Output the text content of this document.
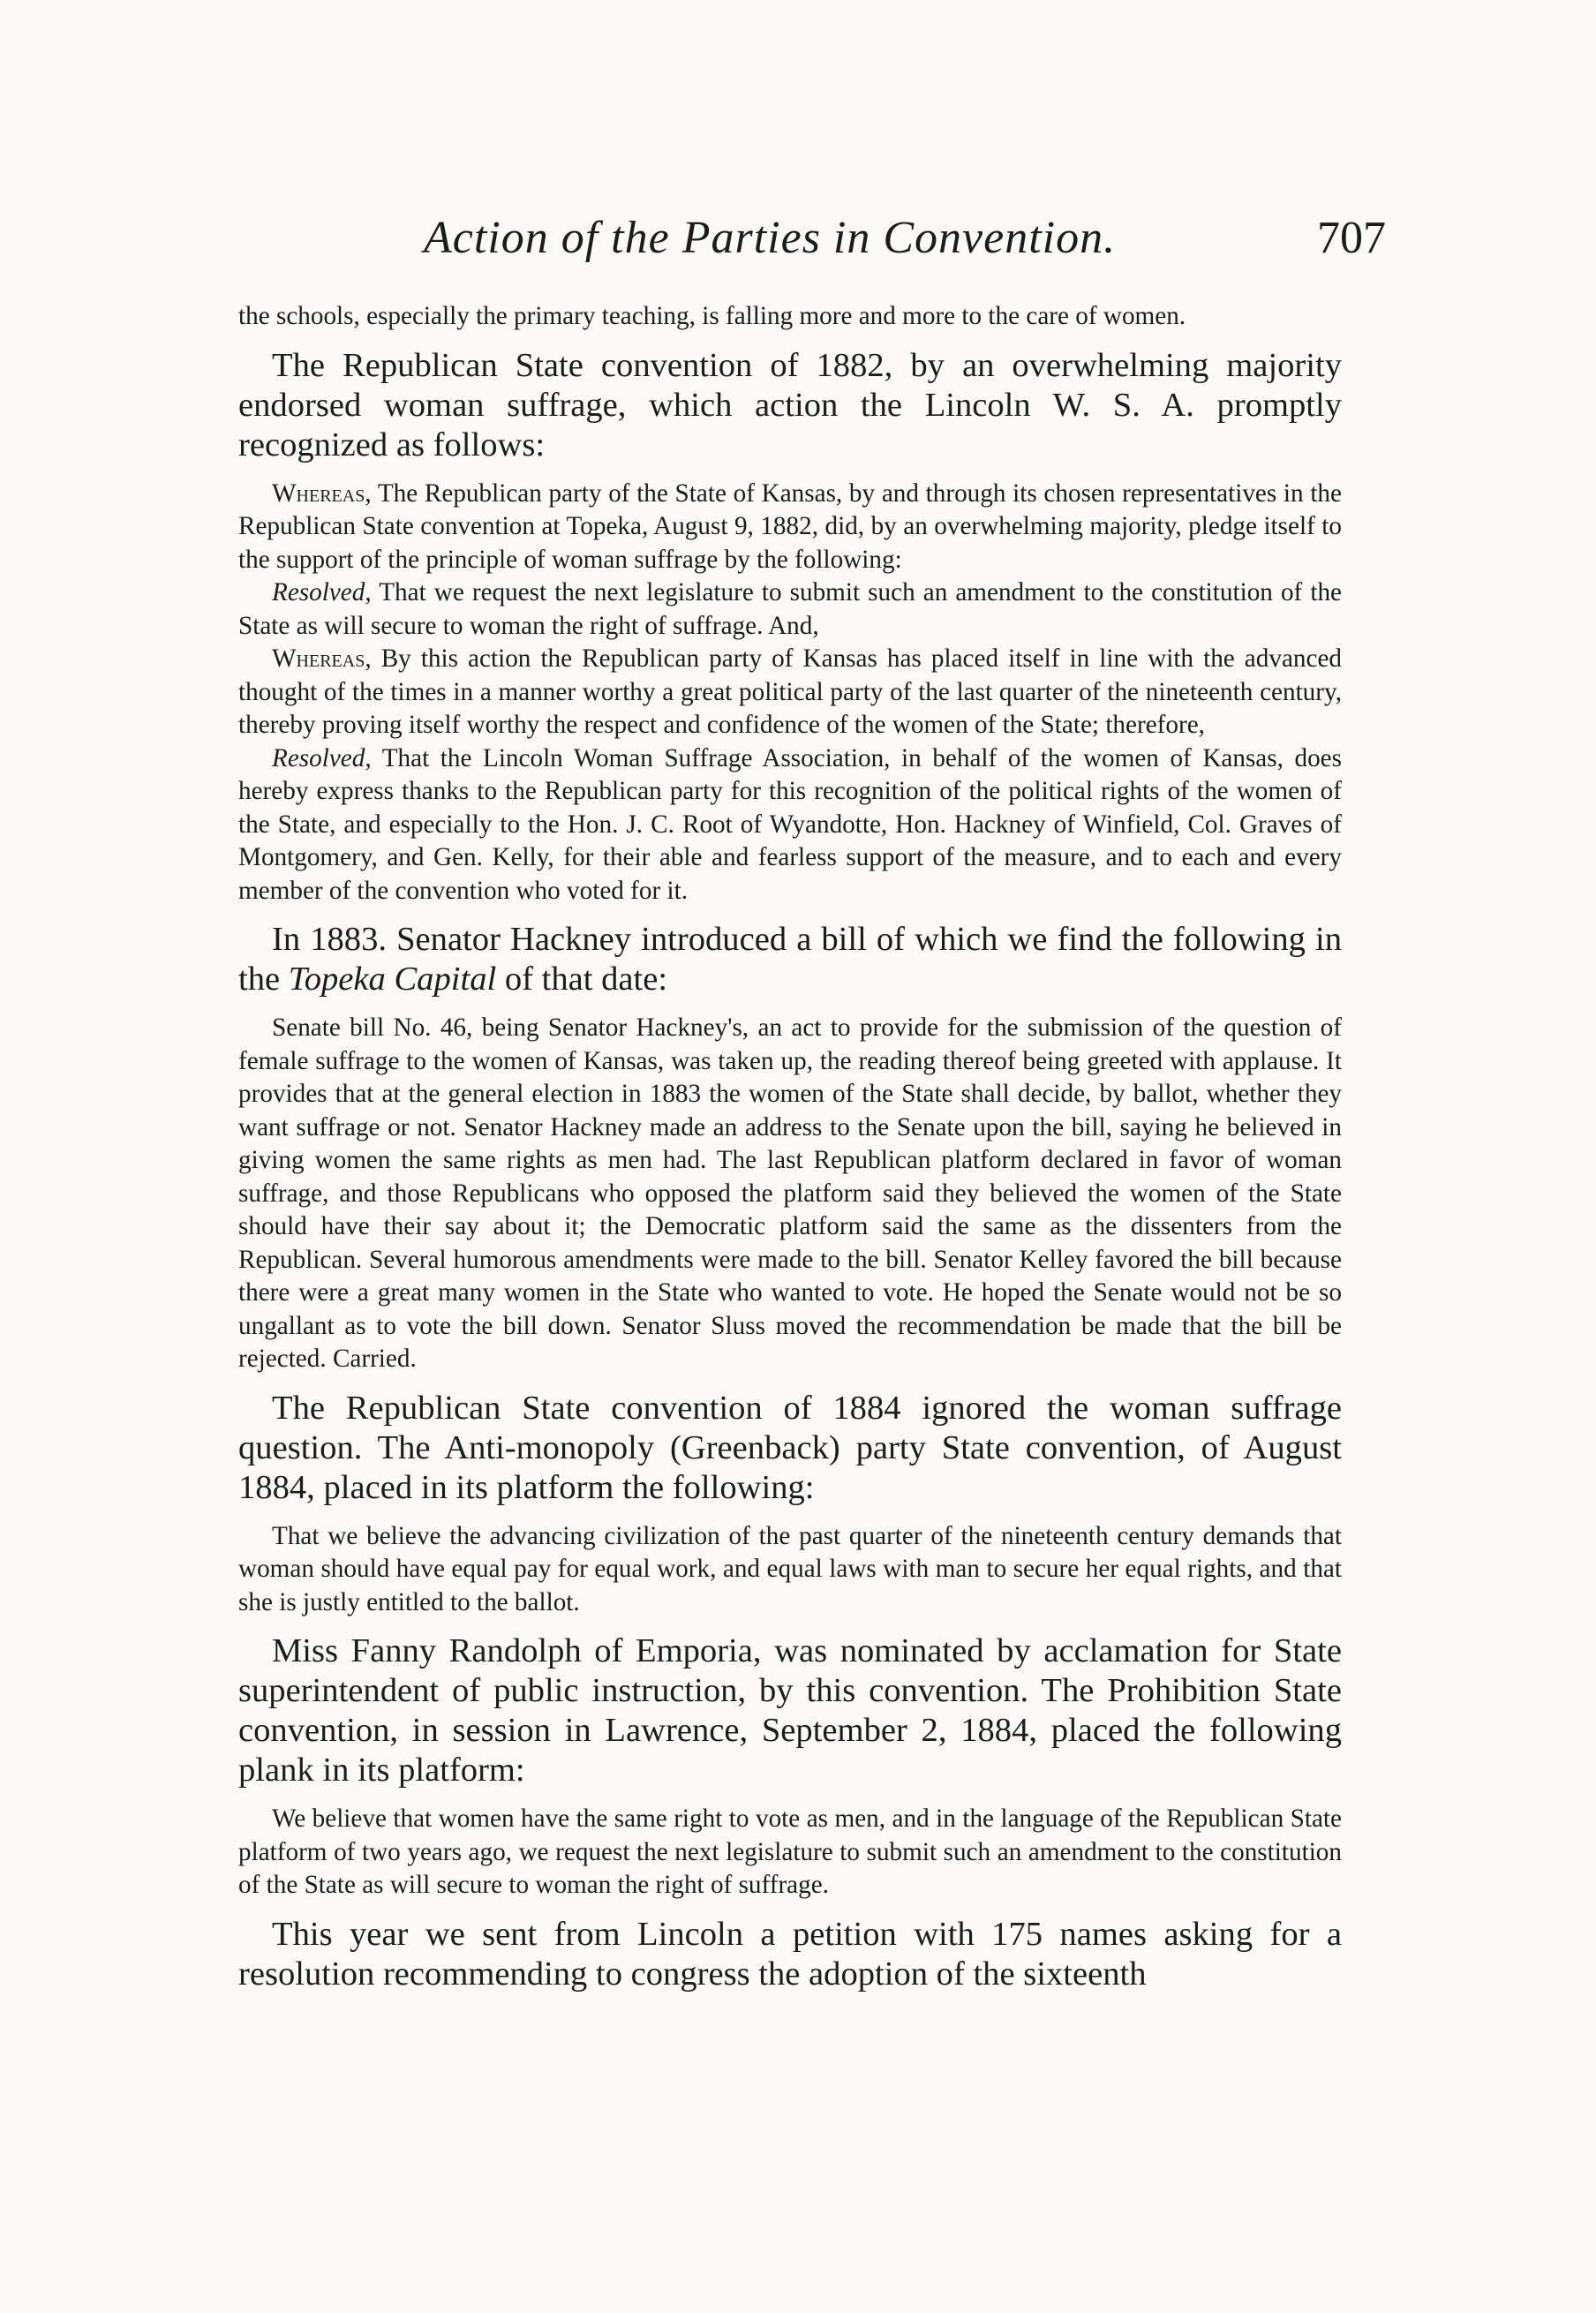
Action of the Parties in Convention.	707

the schools, especially the primary teaching, is falling more and more to the care of women.

The Republican State convention of 1882, by an overwhelming majority endorsed woman suffrage, which action the Lincoln W. S. A. promptly recognized as follows:

Whereas, The Republican party of the State of Kansas, by and through its chosen representatives in the Republican State convention at Topeka, August 9, 1882, did, by an overwhelming majority, pledge itself to the support of the principle of woman suffrage by the following:

Resolved, That we request the next legislature to submit such an amendment to the constitution of the State as will secure to woman the right of suffrage. And,

Whereas, By this action the Republican party of Kansas has placed itself in line with the advanced thought of the times in a manner worthy a great political party of the last quarter of the nineteenth century, thereby proving itself worthy the respect and confidence of the women of the State; therefore,

Resolved, That the Lincoln Woman Suffrage Association, in behalf of the women of Kansas, does hereby express thanks to the Republican party for this recognition of the political rights of the women of the State, and especially to the Hon. J. C. Root of Wyandotte, Hon. Hackney of Winfield, Col. Graves of Montgomery, and Gen. Kelly, for their able and fearless support of the measure, and to each and every member of the convention who voted for it.

In 1883. Senator Hackney introduced a bill of which we find the following in the Topeka Capital of that date:

Senate bill No. 46, being Senator Hackney's, an act to provide for the submission of the question of female suffrage to the women of Kansas, was taken up, the reading thereof being greeted with applause. It provides that at the general election in 1883 the women of the State shall decide, by ballot, whether they want suffrage or not. Senator Hackney made an address to the Senate upon the bill, saying he believed in giving women the same rights as men had. The last Republican platform declared in favor of woman suffrage, and those Republicans who opposed the platform said they believed the women of the State should have their say about it; the Democratic platform said the same as the dissenters from the Republican. Several humorous amendments were made to the bill. Senator Kelley favored the bill because there were a great many women in the State who wanted to vote. He hoped the Senate would not be so ungallant as to vote the bill down. Senator Sluss moved the recommendation be made that the bill be rejected. Carried.

The Republican State convention of 1884 ignored the woman suffrage question. The Anti-monopoly (Greenback) party State convention, of August 1884, placed in its platform the following:

That we believe the advancing civilization of the past quarter of the nineteenth century demands that woman should have equal pay for equal work, and equal laws with man to secure her equal rights, and that she is justly entitled to the ballot.

Miss Fanny Randolph of Emporia, was nominated by acclamation for State superintendent of public instruction, by this convention. The Prohibition State convention, in session in Lawrence, September 2, 1884, placed the following plank in its platform:

We believe that women have the same right to vote as men, and in the language of the Republican State platform of two years ago, we request the next legislature to submit such an amendment to the constitution of the State as will secure to woman the right of suffrage.

This year we sent from Lincoln a petition with 175 names asking for a resolution recommending to congress the adoption of the sixteenth
